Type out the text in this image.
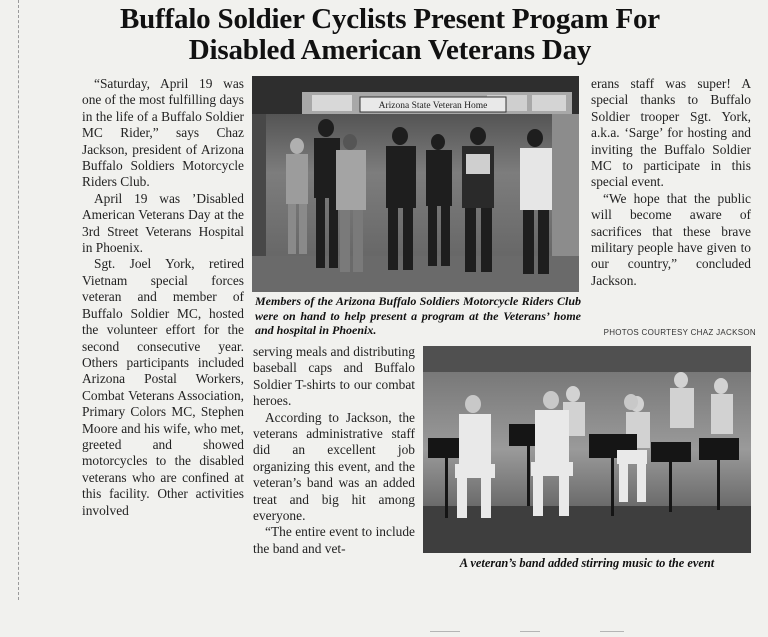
Buffalo Soldier Cyclists Present Progam For
Disabled American Veterans Day

“Saturday, April 19 was one of the most fulfilling days in the life of a Buffalo Soldier MC Rider,” says Chaz Jackson, president of Arizona Buffalo Soldiers Motorcycle Riders Club.

April 19 was ’Disabled American Veterans Day at the 3rd Street Veterans Hospital in Phoenix.

Sgt. Joel York, retired Vietnam special forces veteran and member of Buffalo Soldier MC, hosted the volunteer effort for the second consecutive year. Others participants included Arizona Postal Workers, Combat Veterans Association, Primary Colors MC, Stephen Moore and his wife, who met, greeted and showed motorcycles to the disabled veterans who are confined at this facility. Other activities involved

Arizona State Veteran Home
Members of the Arizona Buffalo Soldiers Motorcycle Riders Club were on hand to help present a program at the Veterans’ home and hospital in Phoenix.	PHOTOS COURTESY CHAZ JACKSON

serving meals and distributing baseball caps and Buffalo Soldier T-shirts to our combat heroes.

According to Jackson, the veterans administrative staff did an excellent job organizing this event, and the veteran’s band was an added treat and big hit among everyone.

“The entire event to include the band and vet-

erans staff was super! A special thanks to Buffalo Soldier trooper Sgt. York, a.k.a. ‘Sarge’ for hosting and inviting the Buffalo Soldier MC to participate in this special event.

“We hope that the public will become aware of sacrifices that these brave military people have given to our country,” concluded Jackson.

A veteran’s band added stirring music to the event
